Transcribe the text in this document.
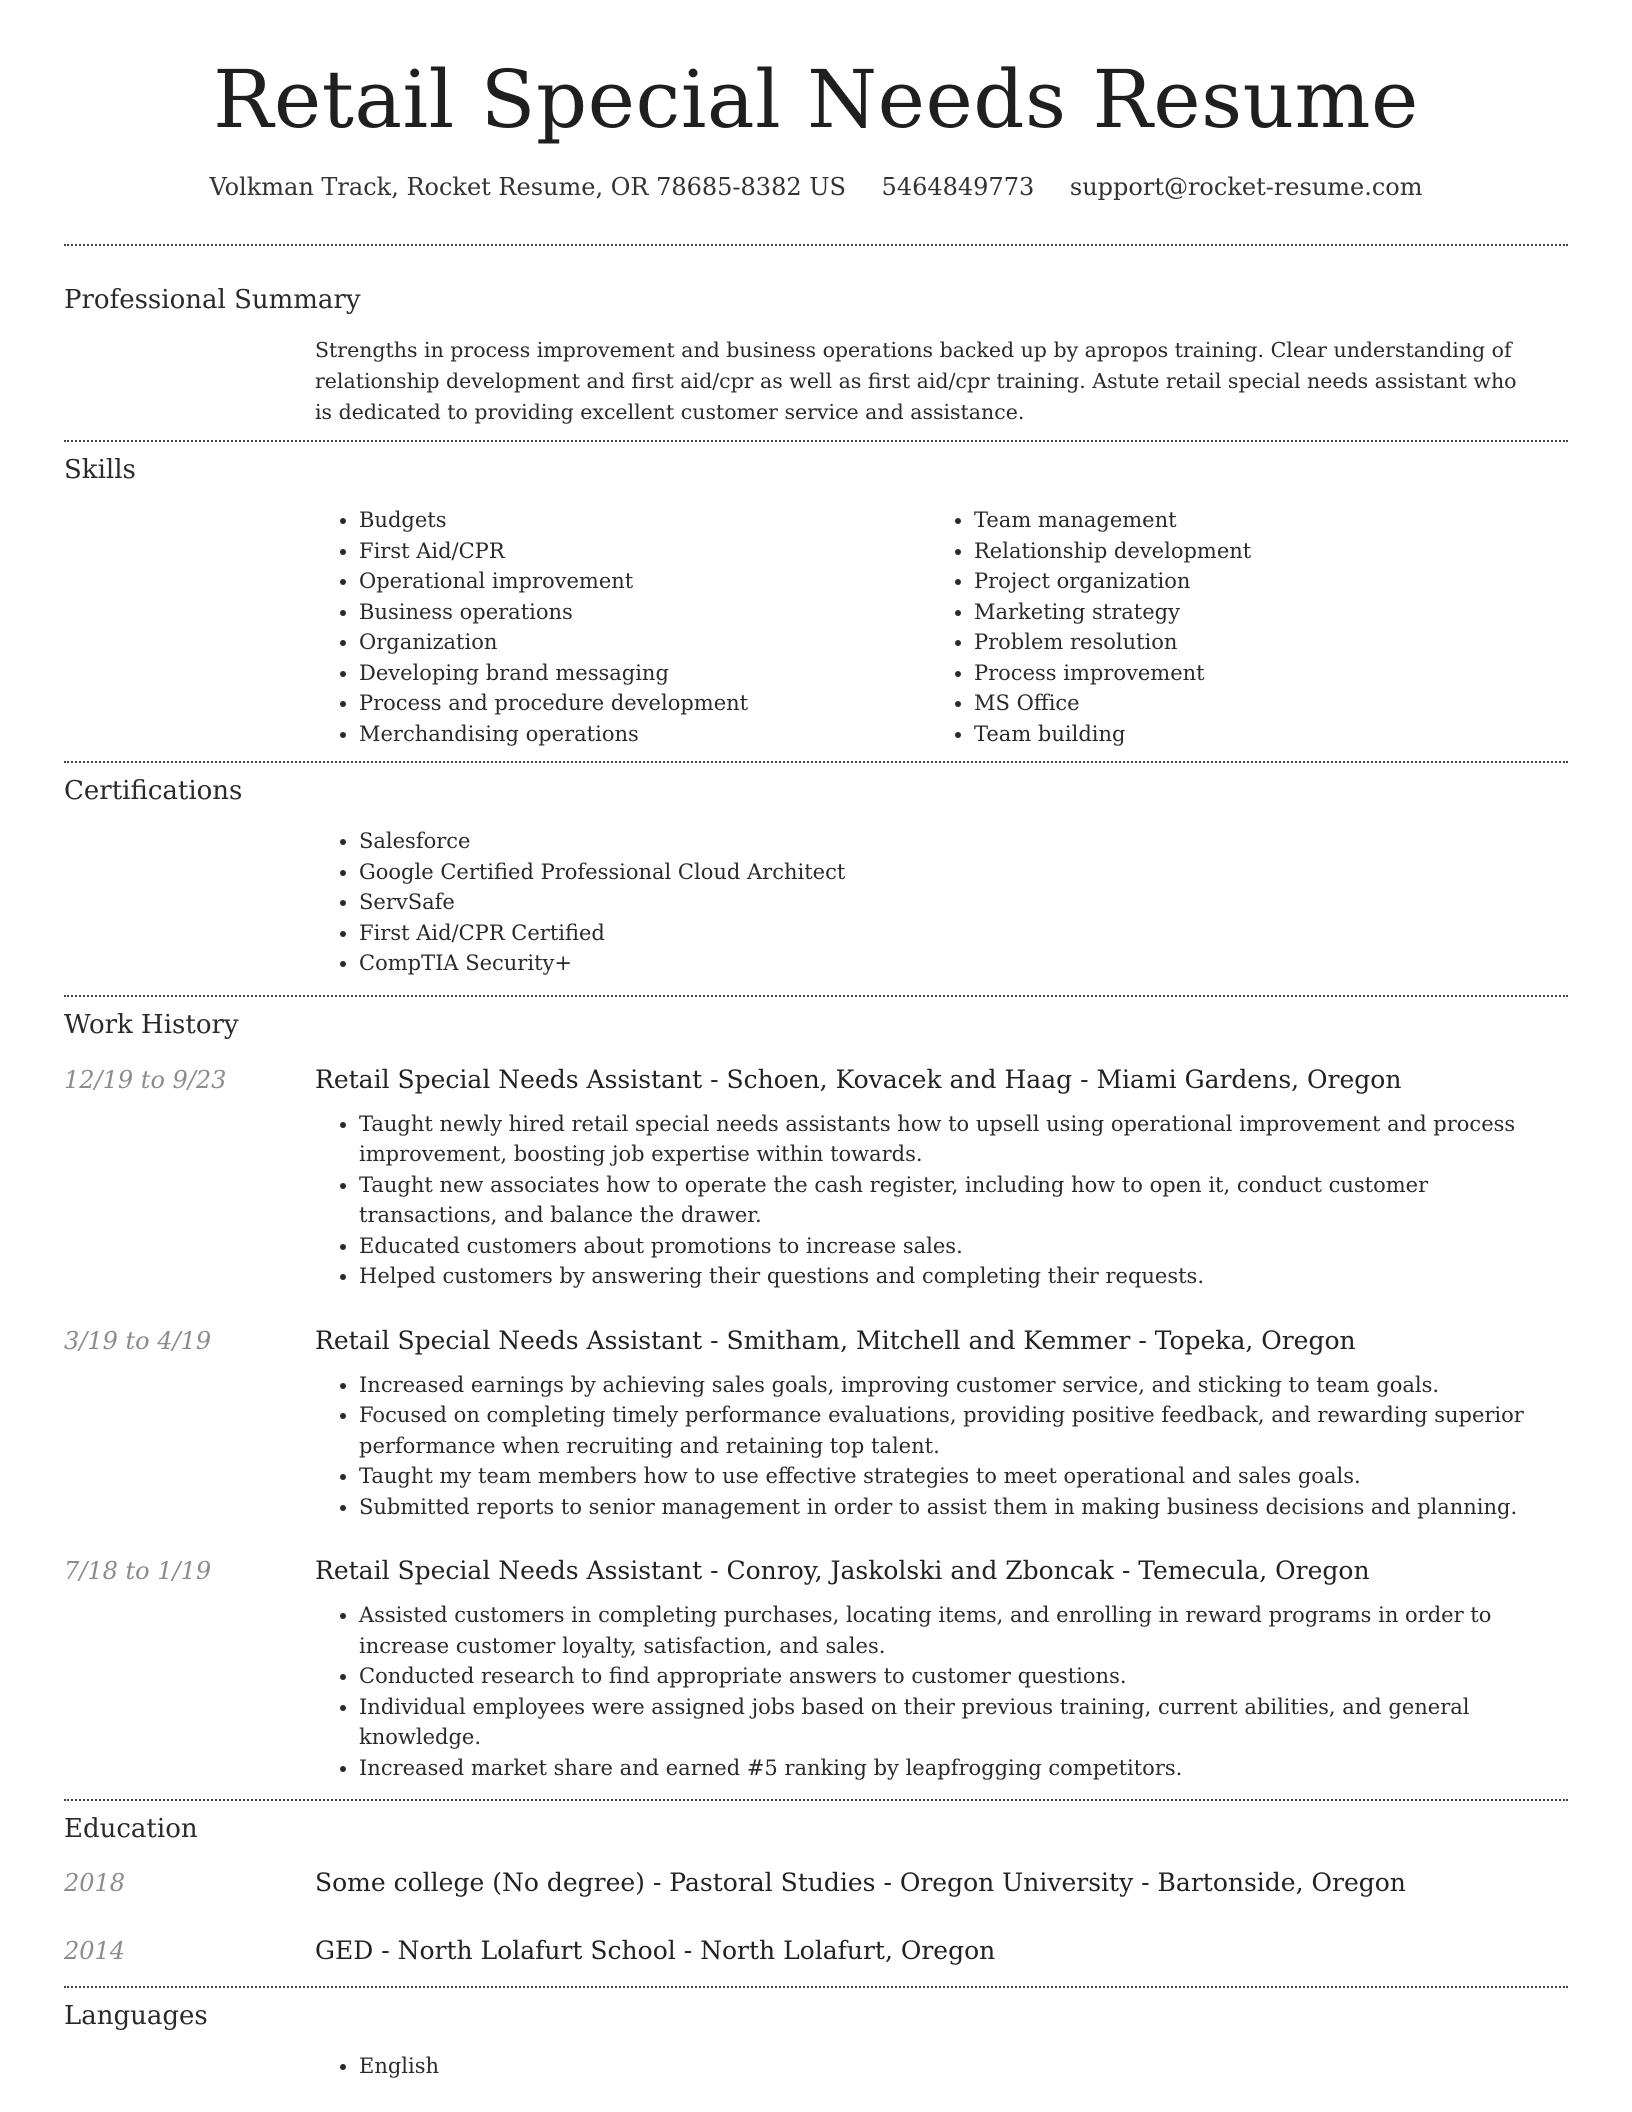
Retail Special Needs Resume
Volkman Track, Rocket Resume, OR 78685-8382 US 5464849773 support@rocket-resume.com
Professional Summary

Strengths in process improvement and business operations backed up by apropos training. Clear understanding of relationship development and first aid/cpr as well as first aid/cpr training. Astute retail special needs assistant who is dedicated to providing excellent customer service and assistance.

Skills
• Budgets
• First Aid/CPR
• Operational improvement
• Business operations
• Organization
• Developing brand messaging
• Process and procedure development
• Merchandising operations
• Team management
• Relationship development
• Project organization
• Marketing strategy
• Problem resolution
• Process improvement
• MS Office
• Team building
Certifications
• Salesforce
• Google Certified Professional Cloud Architect
• ServSafe
• First Aid/CPR Certified
• CompTIA Security+
Work History
12/19 to 9/23	Retail Special Needs Assistant - Schoen, Kovacek and Haag - Miami Gardens, Oregon
• Taught newly hired retail special needs assistants how to upsell using operational improvement and process improvement, boosting job expertise within towards.
• Taught new associates how to operate the cash register, including how to open it, conduct customer transactions, and balance the drawer.
• Educated customers about promotions to increase sales.
• Helped customers by answering their questions and completing their requests.
3/19 to 4/19	Retail Special Needs Assistant - Smitham, Mitchell and Kemmer - Topeka, Oregon
• Increased earnings by achieving sales goals, improving customer service, and sticking to team goals.
• Focused on completing timely performance evaluations, providing positive feedback, and rewarding superior performance when recruiting and retaining top talent.
• Taught my team members how to use effective strategies to meet operational and sales goals.
• Submitted reports to senior management in order to assist them in making business decisions and planning.
7/18 to 1/19	Retail Special Needs Assistant - Conroy, Jaskolski and Zboncak - Temecula, Oregon
• Assisted customers in completing purchases, locating items, and enrolling in reward programs in order to increase customer loyalty, satisfaction, and sales.
• Conducted research to find appropriate answers to customer questions.
• Individual employees were assigned jobs based on their previous training, current abilities, and general knowledge.
• Increased market share and earned #5 ranking by leapfrogging competitors.
Education
2018	Some college (No degree) - Pastoral Studies - Oregon University - Bartonside, Oregon
2014	GED - North Lolafurt School - North Lolafurt, Oregon
Languages
• English
